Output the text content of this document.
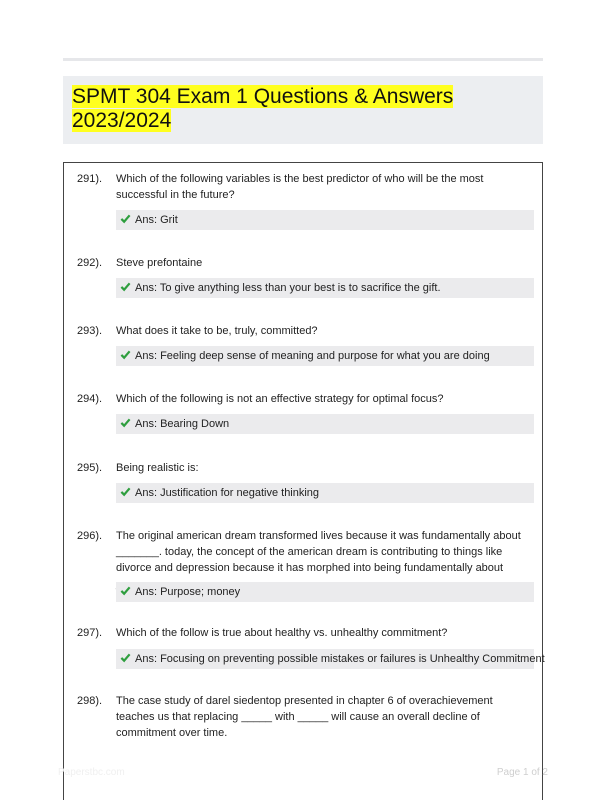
SPMT 304 Exam 1 Questions & Answers 2023/2024
291). Which of the following variables is the best predictor of who will be the most successful in the future?
Ans: Grit
292). Steve prefontaine
Ans: To give anything less than your best is to sacrifice the gift.
293). What does it take to be, truly, committed?
Ans: Feeling deep sense of meaning and purpose for what you are doing
294). Which of the following is not an effective strategy for optimal focus?
Ans: Bearing Down
295). Being realistic is:
Ans: Justification for negative thinking
296). The original american dream transformed lives because it was fundamentally about _______. today, the concept of the american dream is contributing to things like divorce and depression because it has morphed into being fundamentally about
Ans: Purpose; money
297). Which of the follow is true about healthy vs. unhealthy commitment?
Ans: Focusing on preventing possible mistakes or failures is Unhealthy Commitment
298). The case study of darel siedentop presented in chapter 6 of overachievement teaches us that replacing _____ with _____ will cause an overall decline of commitment over time.
Paperstbc.com	Page 1 of 2
